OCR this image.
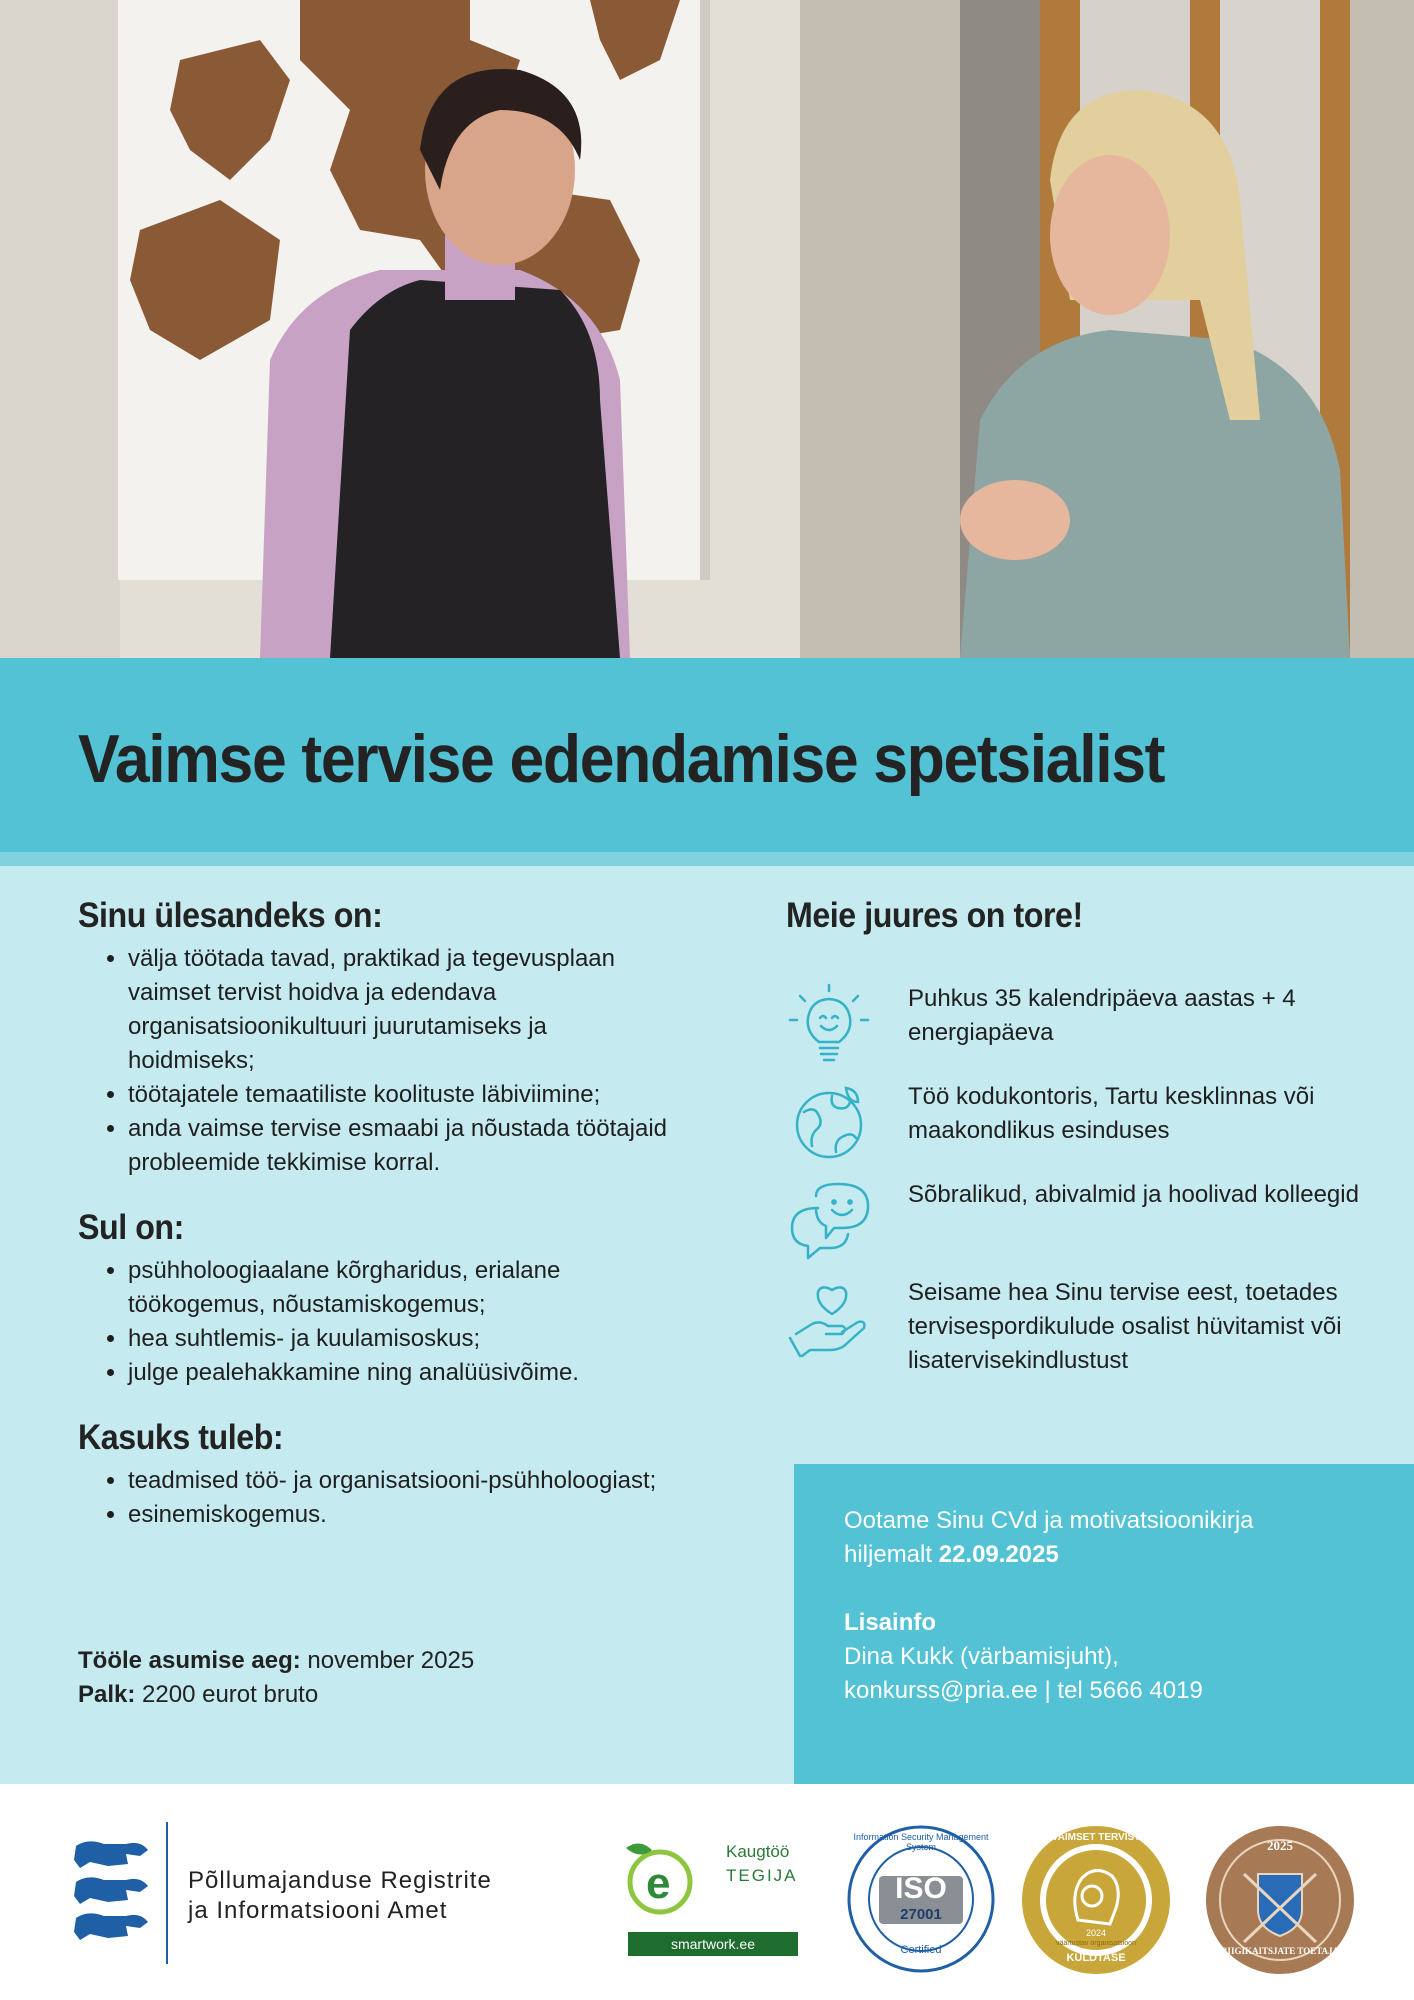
Vaimse tervise edendamise spetsialist
Sinu ülesandeks on:
• välja töötada tavad, praktikad ja tegevusplaan vaimset tervist hoidva ja edendava organisatsioonikultuuri juurutamiseks ja hoidmiseks;
• töötajatele temaatiliste koolituste läbiviimine;
• anda vaimse tervise esmaabi ja nõustada töötajaid probleemide tekkimise korral.
Sul on:
• psühholoogiaalane kõrgharidus, erialane töökogemus, nõustamiskogemus;
• hea suhtlemis- ja kuulamisoskus;
• julge pealehakkamine ning analüüsivõime.
Kasuks tuleb:
• teadmised töö- ja organisatsiooni-psühholoogiast;
• esinemiskogemus.
Tööle asumise aeg: november 2025
Palk: 2200 eurot bruto
Meie juures on tore!
Puhkus 35 kalendripäeva aastas + 4 energiapäeva
Töö kodukontoris, Tartu kesklinnas või maakondlikus esinduses
Sõbralikud, abivalmid ja hoolivad kolleegid
Seisame hea Sinu tervise eest, toetades tervisespordikulude osalist hüvitamist või lisatervisekindlustust
Ootame Sinu CVd ja motivatsioonikirja
hiljemalt 22.09.2025
Lisainfo
Dina Kukk (värbamisjuht),
konkurss@pria.ee | tel 5666 4019
Põllumajanduse Registrite
ja Informatsiooni Amet
e
Kaugtöö
TEGIJA
smartwork.ee
Information Security Management System
ISO
27001
Certified
VAIMSET TERVIST
2024
väärtustav organisatsioon
KULDTASE
2025
RIIGIKAITSJATE TOETAJA
